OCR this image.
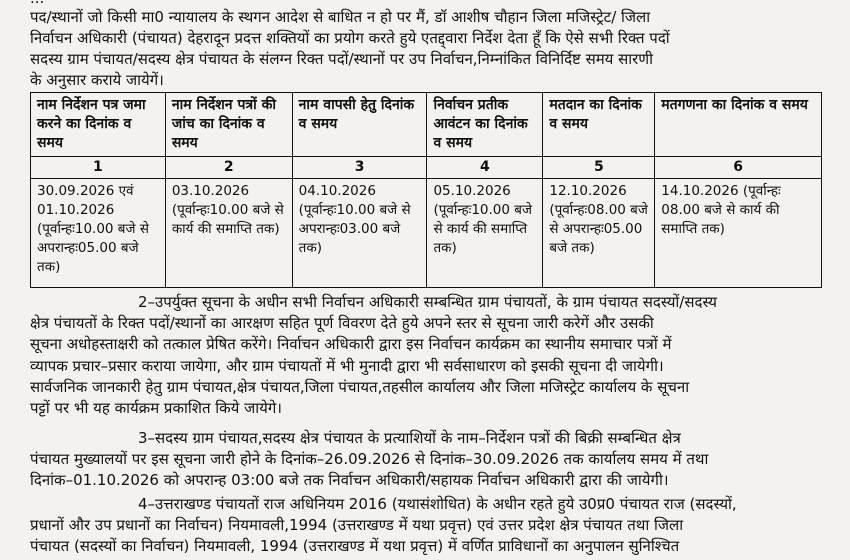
पद/स्थानों जो किसी मा0 न्यायालय के स्थगन आदेश से बाधित न हो पर मैं, डॉ आशीष चौहान जिला मजिस्ट्रेट/ जिला
निर्वाचन अधिकारी (पंचायत) देहरादून प्रदत्त शक्तियों का प्रयोग करते हुये एतद्द्वारा निर्देश देता हूँ कि ऐसे सभी रिक्त पदों
सदस्य ग्राम पंचायत/सदस्य क्षेत्र पंचायत के संलग्न रिक्त पदों/स्थानों पर उप निर्वाचन,निम्नांकित विनिर्दिष्ट समय सारणी
के अनुसार कराये जायेगें।
नाम निर्देशन पत्र जमा करने का दिनांक व समय	नाम निर्देशन पत्रों की जांच का दिनांक व समय	नाम वापसी हेतु दिनांक व समय	निर्वाचन प्रतीक आवंटन का दिनांक व समय	मतदान का दिनांक व समय	मतगणना का दिनांक व समय
1	2	3	4	5	6
30.09.2026 एवं 01.10.2026 (पूर्वान्हः10.00 बजे से अपरान्हः05.00 बजे तक)	03.10.2026 (पूर्वान्हः10.00 बजे से कार्य की समाप्ति तक)	04.10.2026 (पूर्वान्हः10.00 बजे से अपरान्हः03.00 बजे तक)	05.10.2026 (पूर्वान्हः10.00 बजे से कार्य की समाप्ति तक)	12.10.2026 (पूर्वान्हः08.00 बजे से अपरान्हः05.00 बजे तक)	14.10.2026 (पूर्वान्हः 08.00 बजे से कार्य की समाप्ति तक)
2–उपर्युक्त सूचना के अधीन सभी निर्वाचन अधिकारी सम्बन्धित ग्राम पंचायतों, के ग्राम पंचायत सदस्यों/सदस्य
क्षेत्र पंचायतों के रिक्त पदों/स्थानों का आरक्षण सहित पूर्ण विवरण देते हुये अपने स्तर से सूचना जारी करेगें और उसकी
सूचना अधोहस्ताक्षरी को तत्काल प्रेषित करेंगे। निर्वाचन अधिकारी द्वारा इस निर्वाचन कार्यक्रम का स्थानीय समाचार पत्रों में
व्यापक प्रचार–प्रसार कराया जायेगा, और ग्राम पंचायतों में भी मुनादी द्वारा भी सर्वसाधारण को इसकी सूचना दी जायेगी।
सार्वजनिक जानकारी हेतु ग्राम पंचायत,क्षेत्र पंचायत,जिला पंचायत,तहसील कार्यालय और जिला मजिस्ट्रेट कार्यालय के सूचना
पट्टों पर भी यह कार्यक्रम प्रकाशित किये जायेगे।
3–सदस्य ग्राम पंचायत,सदस्य क्षेत्र पंचायत के प्रत्याशियों के नाम–निर्देशन पत्रों की बिक्री सम्बन्धित क्षेत्र
पंचायत मुख्यालयों पर इस सूचना जारी होने के दिनांक–26.09.2026 से दिनांक–30.09.2026 तक कार्यालय समय में तथा
दिनांक–01.10.2026 को अपरान्ह 03:00 बजे तक निर्वाचन अधिकारी/सहायक निर्वाचन अधिकारी द्वारा की जायेगी।
4–उत्तराखण्ड पंचायतों राज अधिनियम 2016 (यथासंशोधित) के अधीन रहते हुये उ0प्र0 पंचायत राज (सदस्यों,
प्रधानों और उप प्रधानों का निर्वाचन) नियमावली,1994 (उत्तराखण्ड में यथा प्रवृत्त) एवं उत्तर प्रदेश क्षेत्र पंचायत तथा जिला
पंचायत (सदस्यों का निर्वाचन) नियमावली, 1994 (उत्तराखण्ड में यथा प्रवृत्त) में वर्णित प्राविधानों का अनुपालन सुनिश्चित
